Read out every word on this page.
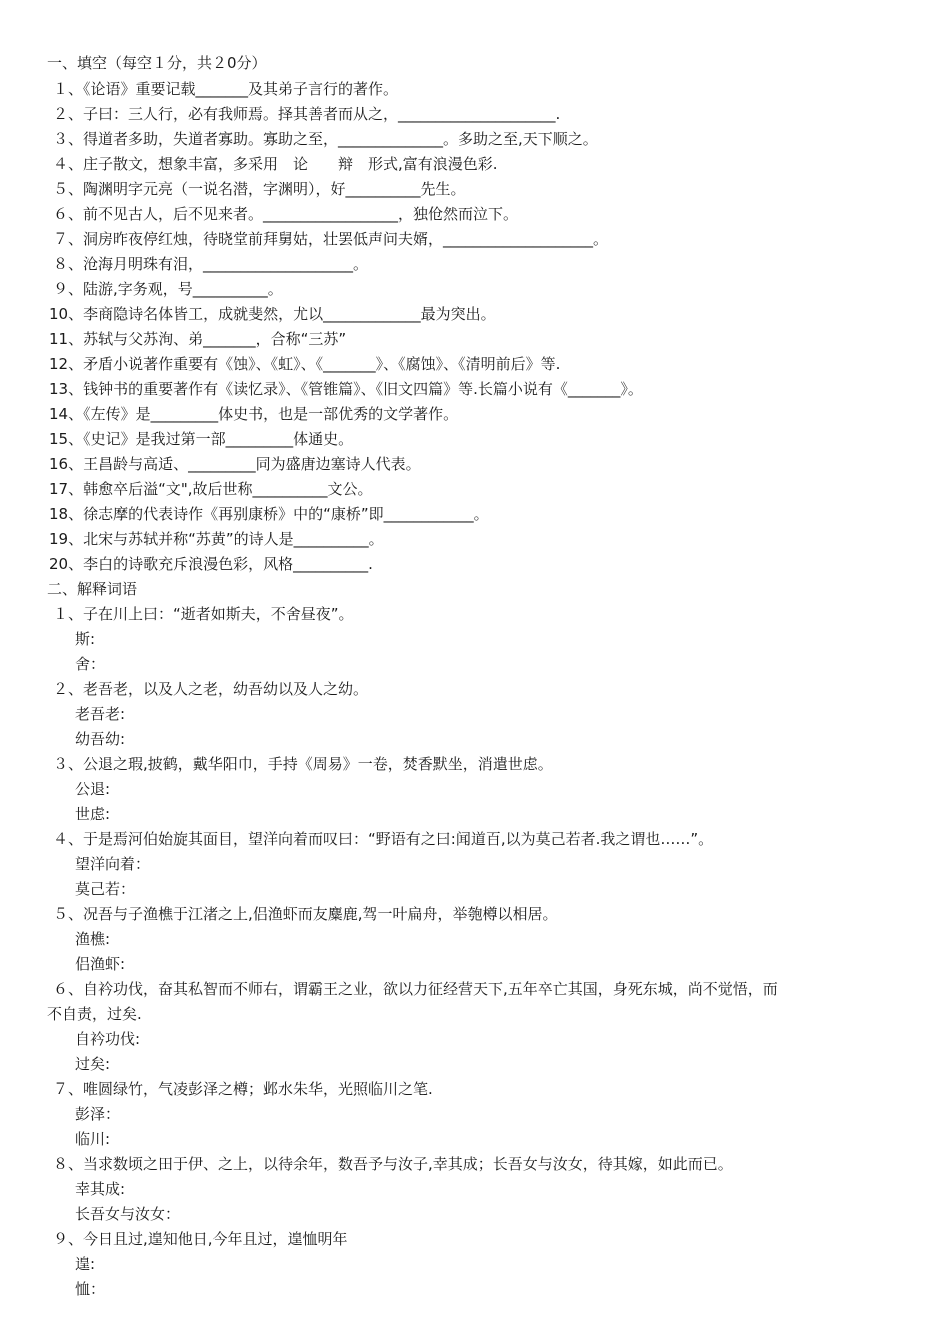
一、填空（每空１分，共２0分）
１、《论语》重要记载_______及其弟子言行的著作。
２、子曰：三人行，必有我师焉。择其善者而从之，_____________________.
３、得道者多助，失道者寡助。寡助之至，______________。多助之至,天下顺之。
４、庄子散文，想象丰富，多采用　论　　辩　形式,富有浪漫色彩.
５、陶渊明字元亮（一说名潜，字渊明），好__________先生。
６、前不见古人，后不见来者。__________________，独伧然而泣下。
７、洞房昨夜停红烛，待晓堂前拜舅姑，壮罢低声问夫婿，____________________。
８、沧海月明珠有泪，____________________。
９、陆游,字务观，号__________。
10、李商隐诗名体皆工，成就斐然，尤以_____________最为突出。
11、苏轼与父苏洵、弟_______，合称“三苏”
12、矛盾小说著作重要有《蚀》、《虹》、《_______》、《腐蚀》、《清明前后》等.
13、钱钟书的重要著作有《读忆录》、《管锥篇》、《旧文四篇》等.长篇小说有《_______》。
14、《左传》是_________体史书，也是一部优秀的文学著作。
15、《史记》是我过第一部_________体通史。
16、王昌龄与高适、_________同为盛唐边塞诗人代表。
17、韩愈卒后溢“文",故后世称__________文公。
18、徐志摩的代表诗作《再别康桥》中的“康桥”即____________。
19、北宋与苏轼并称“苏黄”的诗人是__________。
20、李白的诗歌充斥浪漫色彩，风格__________.
二、解释词语
１、子在川上曰：“逝者如斯夫，不舍昼夜”。
斯:
舍：
２、老吾老，以及人之老，幼吾幼以及人之幼。
老吾老:
幼吾幼:
３、公退之瑕,披鹤，戴华阳巾，手持《周易》一卷，焚香默坐，消遣世虑。
公退:
世虑:
４、于是焉河伯始旋其面目，望洋向着而叹曰：“野语有之曰:闻道百,以为莫己若者.我之谓也……”。
望洋向着：
莫己若：
５、况吾与子渔樵于江渚之上,侣渔虾而友麋鹿,驾一叶扁舟，举匏樽以相居。
渔樵:
侣渔虾:
６、自衿功伐，奋其私智而不师右，谓霸王之业，欲以力征经营天下,五年卒亡其国，身死东城，尚不觉悟，而
不自责，过矣.
自衿功伐:
过矣:
７、唯圆绿竹，气凌彭泽之樽；邺水朱华，光照临川之笔.
彭泽：
临川:
８、当求数顷之田于伊、之上，以待余年，数吾予与汝子,幸其成；长吾女与汝女，待其嫁，如此而已。
幸其成:
长吾女与汝女：
９、今日且过,遑知他日,今年且过，遑恤明年
遑:
恤：
